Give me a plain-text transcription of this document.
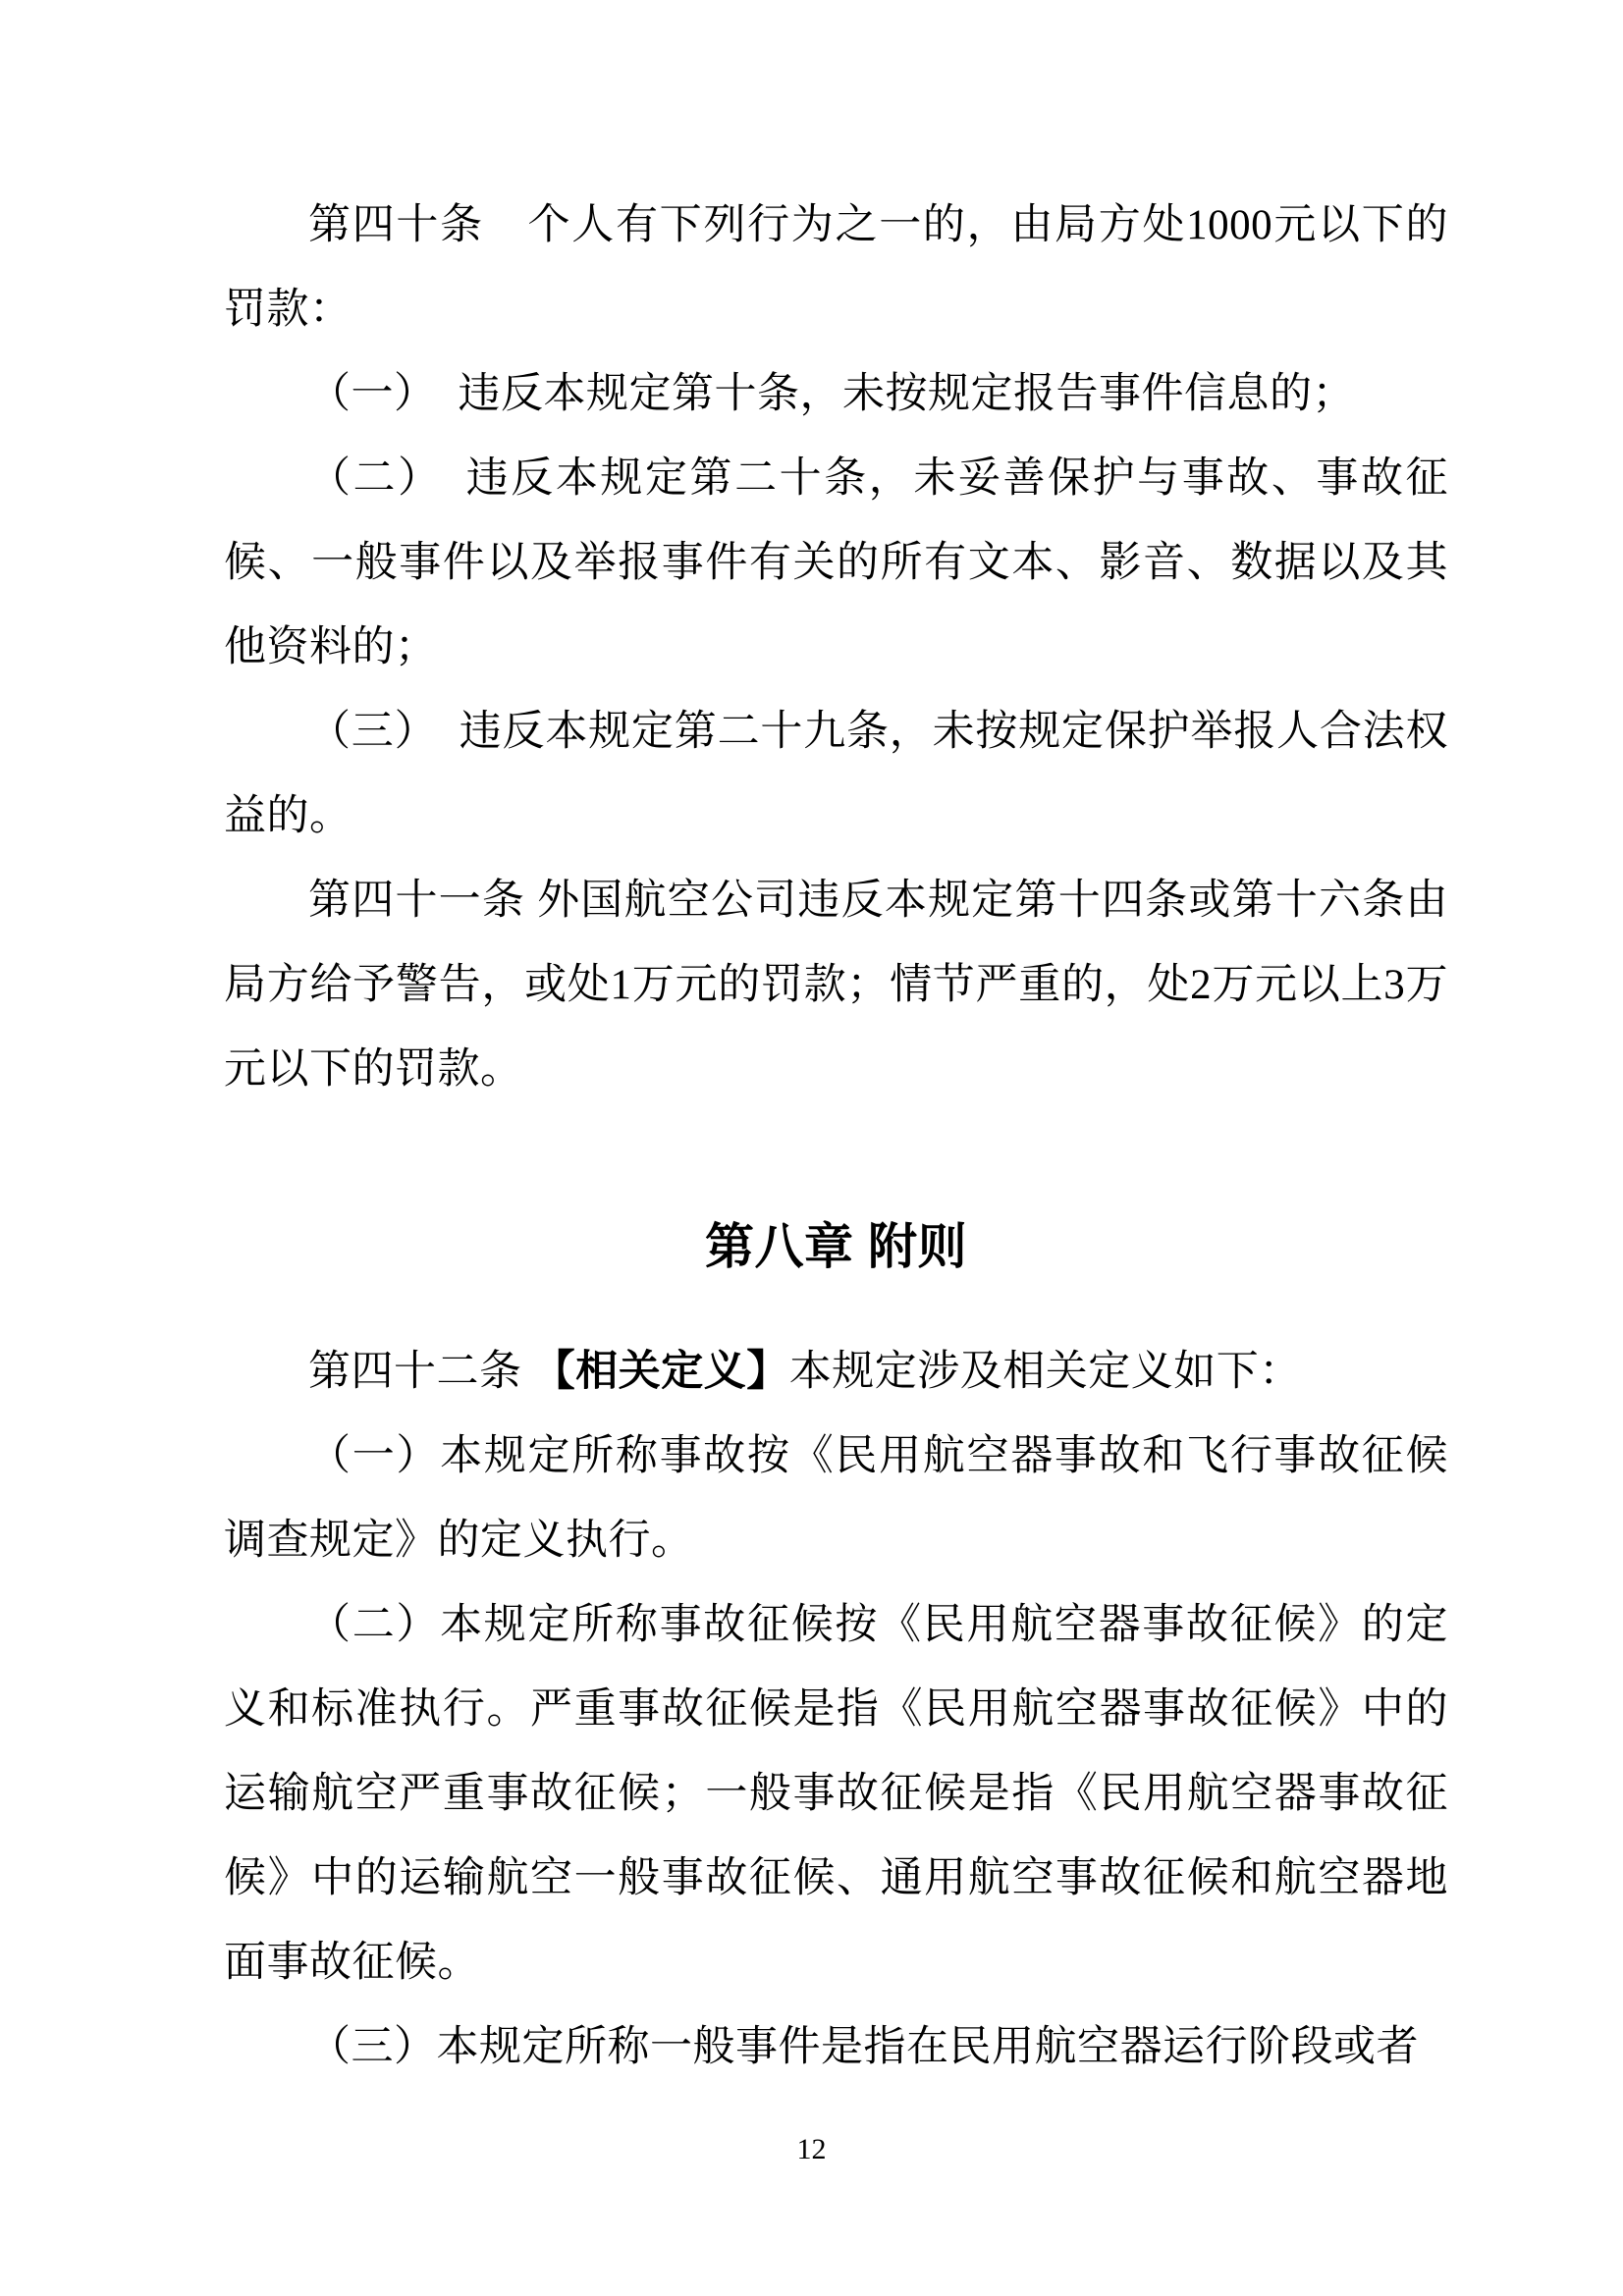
第四十条　个人有下列行为之一的，由局方处1000元以下的罚款：

（一）　违反本规定第十条，未按规定报告事件信息的；

（二）　违反本规定第二十条，未妥善保护与事故、事故征候、一般事件以及举报事件有关的所有文本、影音、数据以及其他资料的；

（三）　违反本规定第二十九条，未按规定保护举报人合法权益的。

第四十一条 外国航空公司违反本规定第十四条或第十六条由局方给予警告，或处1万元的罚款；情节严重的，处2万元以上3万元以下的罚款。

第八章 附则

第四十二条 【相关定义】本规定涉及相关定义如下：

（一）本规定所称事故按《民用航空器事故和飞行事故征候调查规定》的定义执行。

（二）本规定所称事故征候按《民用航空器事故征候》的定义和标准执行。严重事故征候是指《民用航空器事故征候》中的运输航空严重事故征候；一般事故征候是指《民用航空器事故征候》中的运输航空一般事故征候、通用航空事故征候和航空器地面事故征候。

（三）本规定所称一般事件是指在民用航空器运行阶段或者

12
